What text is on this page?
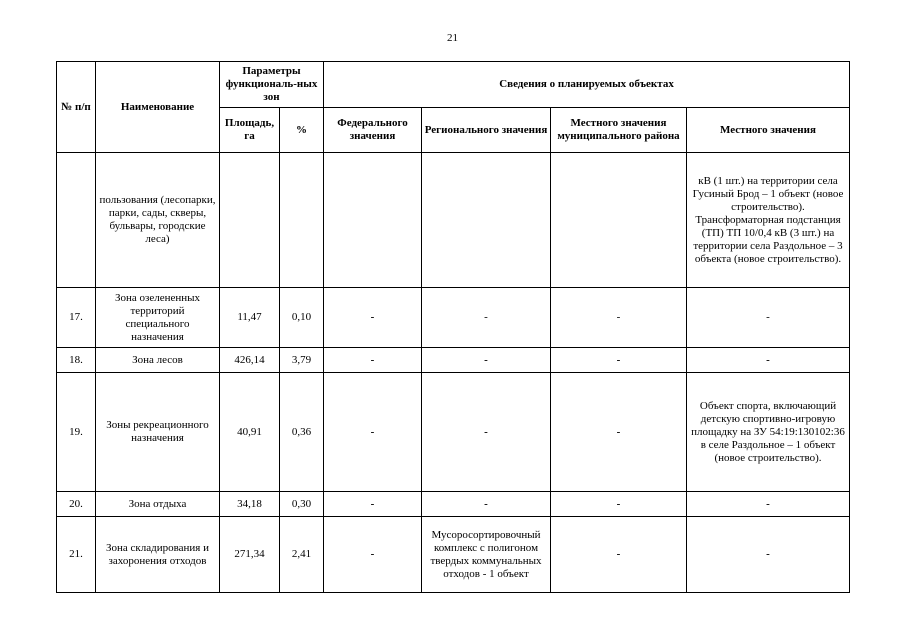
21
№ п/п	Наименование	Параметры функциональ-ных зон		Сведения о планируемых объектах			
		Площадь, га	%	Федерального значения	Регионального значения	Местного значения муниципального района	Местного значения
	пользования (лесопарки, парки, сады, скверы, бульвары, городские леса)						кВ (1 шт.) на территории села Гусиный Брод – 1 объект (новое строительство). Трансформаторная подстанция (ТП) ТП 10/0,4 кВ (3 шт.) на территории села Раздольное – 3 объекта (новое строительство).
17.	Зона озелененных территорий специального назначения	11,47	0,10	-	-	-	-
18.	Зона лесов	426,14	3,79	-	-	-	-
19.	Зоны рекреационного назначения	40,91	0,36	-	-	-	Объект спорта, включающий детскую спортивно-игровую площадку на ЗУ 54:19:130102:36 в селе Раздольное – 1 объект (новое строительство).
20.	Зона отдыха	34,18	0,30	-	-	-	-
21.	Зона складирования и захоронения отходов	271,34	2,41	-	Мусоросортировочный комплекс с полигоном твердых коммунальных отходов - 1 объект	-	-
